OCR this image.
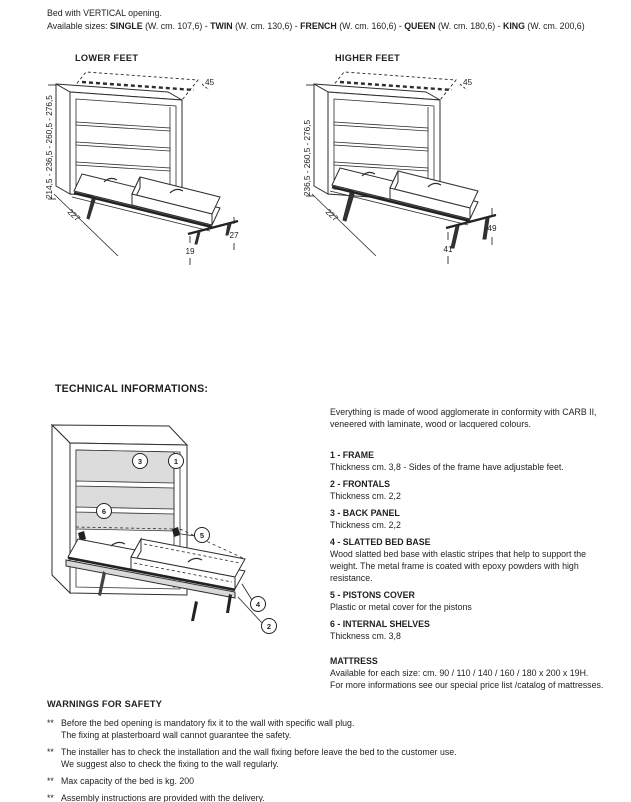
Bed with VERTICAL opening.
Available sizes: SINGLE (W. cm. 107,6) - TWIN (W. cm. 130,6) - FRENCH (W. cm. 160,6) - QUEEN (W. cm. 180,6) - KING (W. cm. 200,6)
LOWER FEET	HIGHER FEET
214,5 - 236,5 - 260,5 - 276,5
45
227
19
27
236,5 - 260,5 - 276,5
45
227
41
49
TECHNICAL INFORMATIONS:
3	1
6
5
4
2
Everything is made of wood agglomerate in conformity with CARB II, veneered with laminate, wood or lacquered colours.
1 - FRAME
Thickness cm. 3,8 - Sides of the frame have adjustable feet.
2 - FRONTALS
Thickness cm. 2,2
3 - BACK PANEL
Thickness cm. 2,2
4 - SLATTED BED BASE
Wood slatted bed base with elastic stripes that help to support the weight. The metal frame is coated with epoxy powders with high resistance.
5 - PISTONS COVER
Plastic or metal cover for the pistons
6 - INTERNAL SHELVES
Thickness cm. 3,8
MATTRESS
Available for each size: cm. 90 / 110 / 140 / 160 / 180 x 200 x 19H.
For more informations see our special price list /catalog of mattresses.
WARNINGS FOR SAFETY
** Before the bed opening is mandatory fix it to the wall with specific wall plug.
The fixing at plasterboard wall cannot guarantee the safety.
** The installer has to check the installation and the wall fixing before leave the bed to the customer use.
We suggest also to check the fixing to the wall regularly.
** Max capacity of the bed is kg. 200
** Assembly instructions are provided with the delivery.
